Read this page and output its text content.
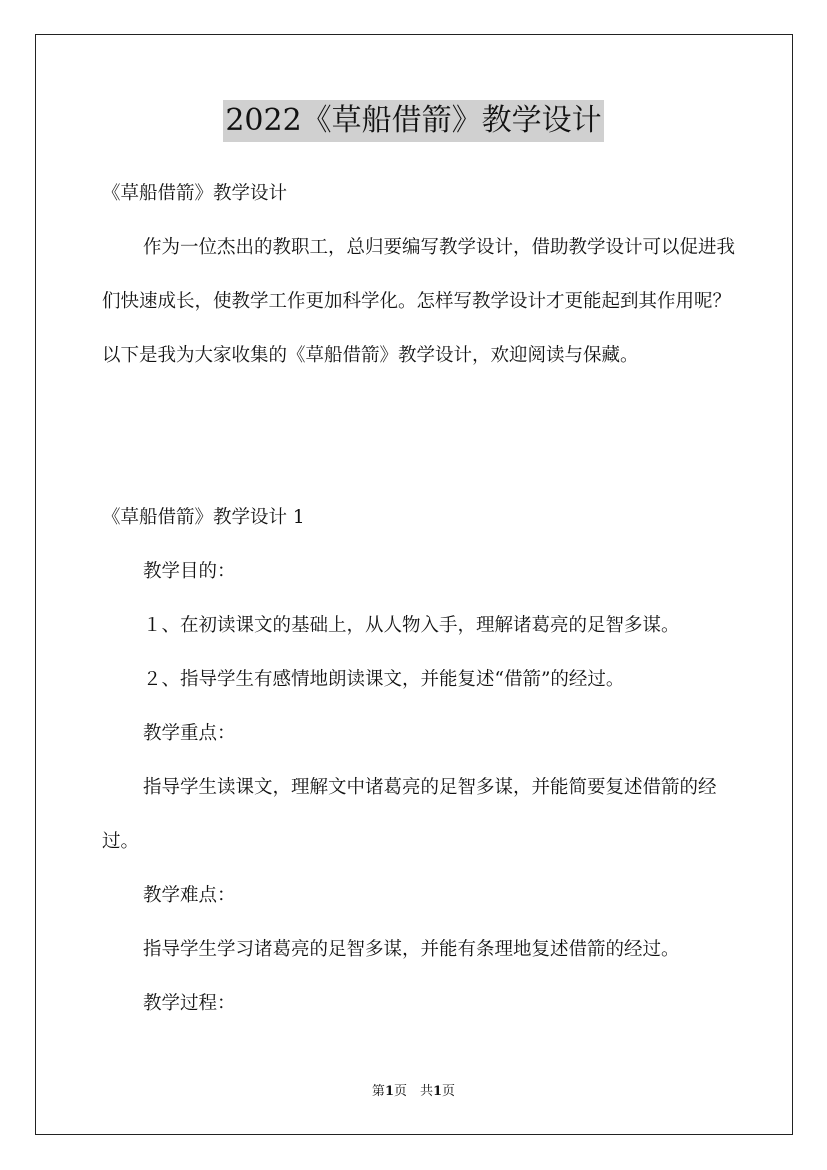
2022《草船借箭》教学设计

《草船借箭》教学设计

作为一位杰出的教职工，总归要编写教学设计，借助教学设计可以促进我们快速成长，使教学工作更加科学化。怎样写教学设计才更能起到其作用呢？以下是我为大家收集的《草船借箭》教学设计，欢迎阅读与保藏。

《草船借箭》教学设计 1

教学目的：

１、在初读课文的基础上，从人物入手，理解诸葛亮的足智多谋。

２、指导学生有感情地朗读课文，并能复述“借箭”的经过。

教学重点：

指导学生读课文，理解文中诸葛亮的足智多谋，并能简要复述借箭的经过。

教学难点：

指导学生学习诸葛亮的足智多谋，并能有条理地复述借箭的经过。

教学过程：

第1页　共1页
